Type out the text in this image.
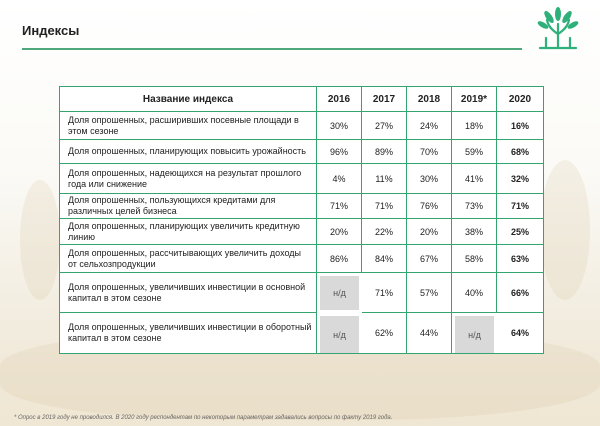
Индексы
Название индекса	2016	2017	2018	2019*	2020
Доля опрошенных, расширивших посевные площади в этом сезоне	30%	27%	24%	18%	16%
Доля опрошенных, планирующих повысить урожайность	96%	89%	70%	59%	68%
Доля опрошенных, надеющихся на результат прошлого года или снижение	4%	11%	30%	41%	32%
Доля опрошенных, пользующихся кредитами для различных целей бизнеса	71%	71%	76%	73%	71%
Доля опрошенных, планирующих увеличить кредитную линию	20%	22%	20%	38%	25%
Доля опрошенных, рассчитывающих увеличить доходы от сельхозпродукции	86%	84%	67%	58%	63%
Доля опрошенных, увеличивших инвестиции в основной капитал в этом сезоне	н/д	71%	57%	40%	66%
Доля опрошенных, увеличивших инвестиции в оборотный капитал в этом сезоне	н/д	62%	44%	н/д	64%
* Опрос в 2019 году не проводился. В 2020 году респондентам по некоторым параметрам задавались вопросы по факту 2019 года.
